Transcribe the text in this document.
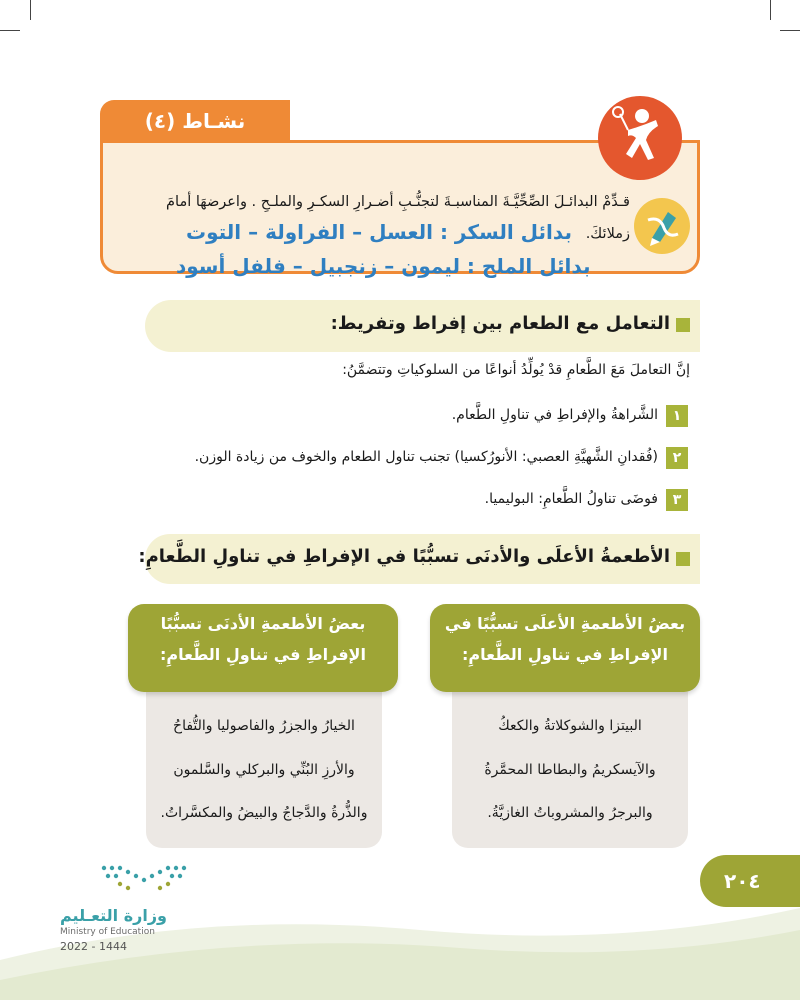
نشـاط (٤)
قـدِّمْ البدائـلَ الصِّحِّيَّـةَ المناسبـةَ لتجنُّـبِ أضـرارِ السكـرِ والملـحِ . واعرضهَا أمامَ
زملائكَ.
بدائل السكر : العسل – الفراولة – التوت
بدائل الملح : ليمون – زنجبيل – فلفل أسود
التعامل مع الطعام بين إفراط وتفريط:
إنَّ التعاملَ مَعَ الطَّعامِ قدْ يُولِّدُ أنواعًا من السلوكياتِ وتتضمَّنُ:
١
الشَّراهةُ والإفراطِ في تناولِ الطَّعام.
٢
(فُقدانِ الشَّهيَّةِ العصبي: الأنورُكسيا) تجنب تناول الطعام والخوف من زيادة الوزن.
٣
فوضَى تناولُ الطَّعامِ: البوليميا.
الأطعمةُ الأعلَى والأدنَى تسبُّبًا في الإفراطِ في تناولِ الطَّعامِ:
بعضُ الأطعمةِ الأعلَى تسبُّبًا في
الإفراطِ في تناولِ الطَّعامِ:
البيتزا والشوكلاتةُ والكعكُ
والآيسكريمُ والبطاطا المحمَّرةُ
والبرجرُ والمشروباتُ الغازيَّةُ.
بعضُ الأطعمةِ الأدنَى تسبُّبًا
الإفراطِ في تناولِ الطَّعامِ:
الخيارُ والجزرُ والفاصوليا والتُّفاحُ
والأرزِ البُنِّي والبركلي والسَّلمون
والذُّرةُ والدَّجاجُ والبيضُ والمكسَّراتُ.
٢٠٤
وزارة التعـليم
Ministry of Education
2022 - 1444
